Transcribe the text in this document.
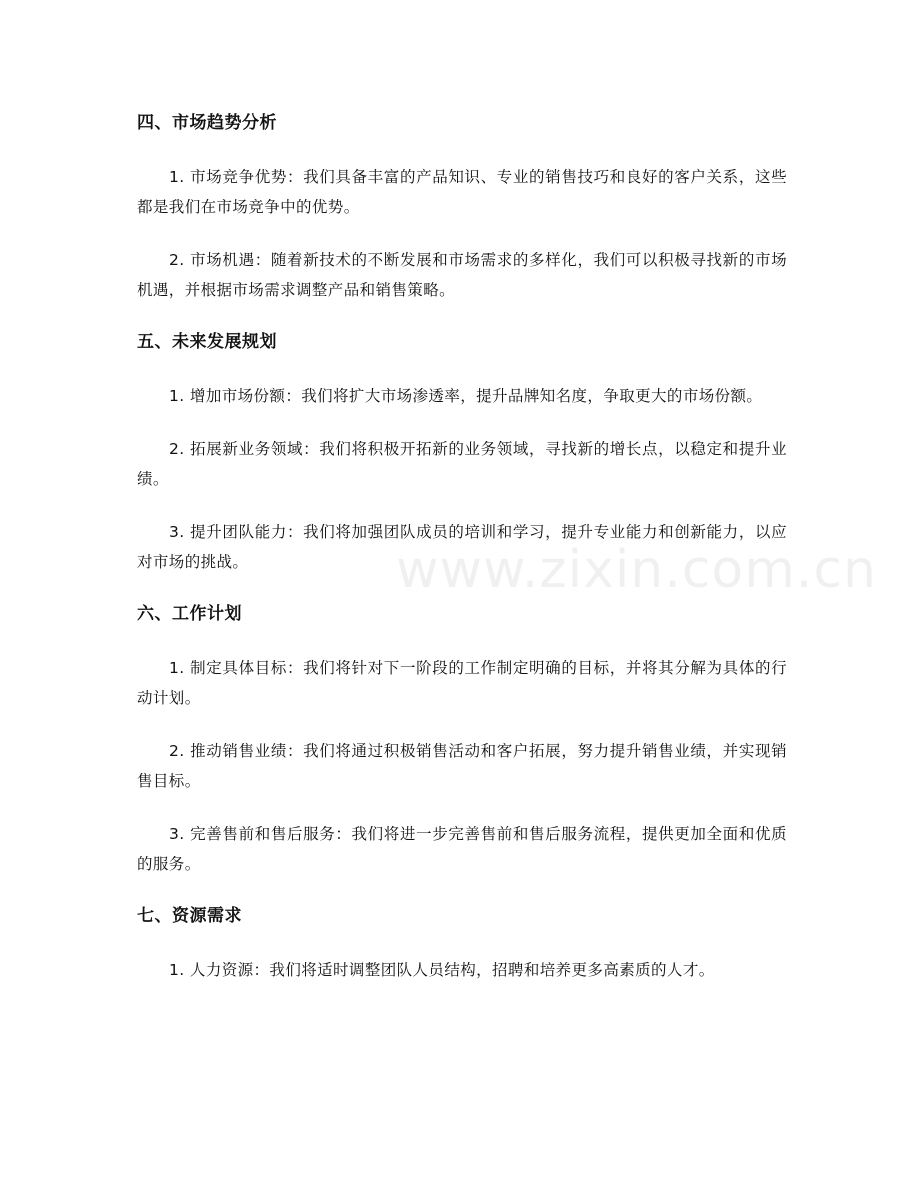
四、市场趋势分析

1. 市场竞争优势：我们具备丰富的产品知识、专业的销售技巧和良好的客户关系，这些都是我们在市场竞争中的优势。

2. 市场机遇：随着新技术的不断发展和市场需求的多样化，我们可以积极寻找新的市场机遇，并根据市场需求调整产品和销售策略。

五、未来发展规划

1. 增加市场份额：我们将扩大市场渗透率，提升品牌知名度，争取更大的市场份额。

2. 拓展新业务领域：我们将积极开拓新的业务领域，寻找新的增长点，以稳定和提升业绩。

3. 提升团队能力：我们将加强团队成员的培训和学习，提升专业能力和创新能力，以应对市场的挑战。

六、工作计划

1. 制定具体目标：我们将针对下一阶段的工作制定明确的目标，并将其分解为具体的行动计划。

2. 推动销售业绩：我们将通过积极销售活动和客户拓展，努力提升销售业绩，并实现销售目标。

3. 完善售前和售后服务：我们将进一步完善售前和售后服务流程，提供更加全面和优质的服务。

七、资源需求

1. 人力资源：我们将适时调整团队人员结构，招聘和培养更多高素质的人才。

www.zixin.com.cn
